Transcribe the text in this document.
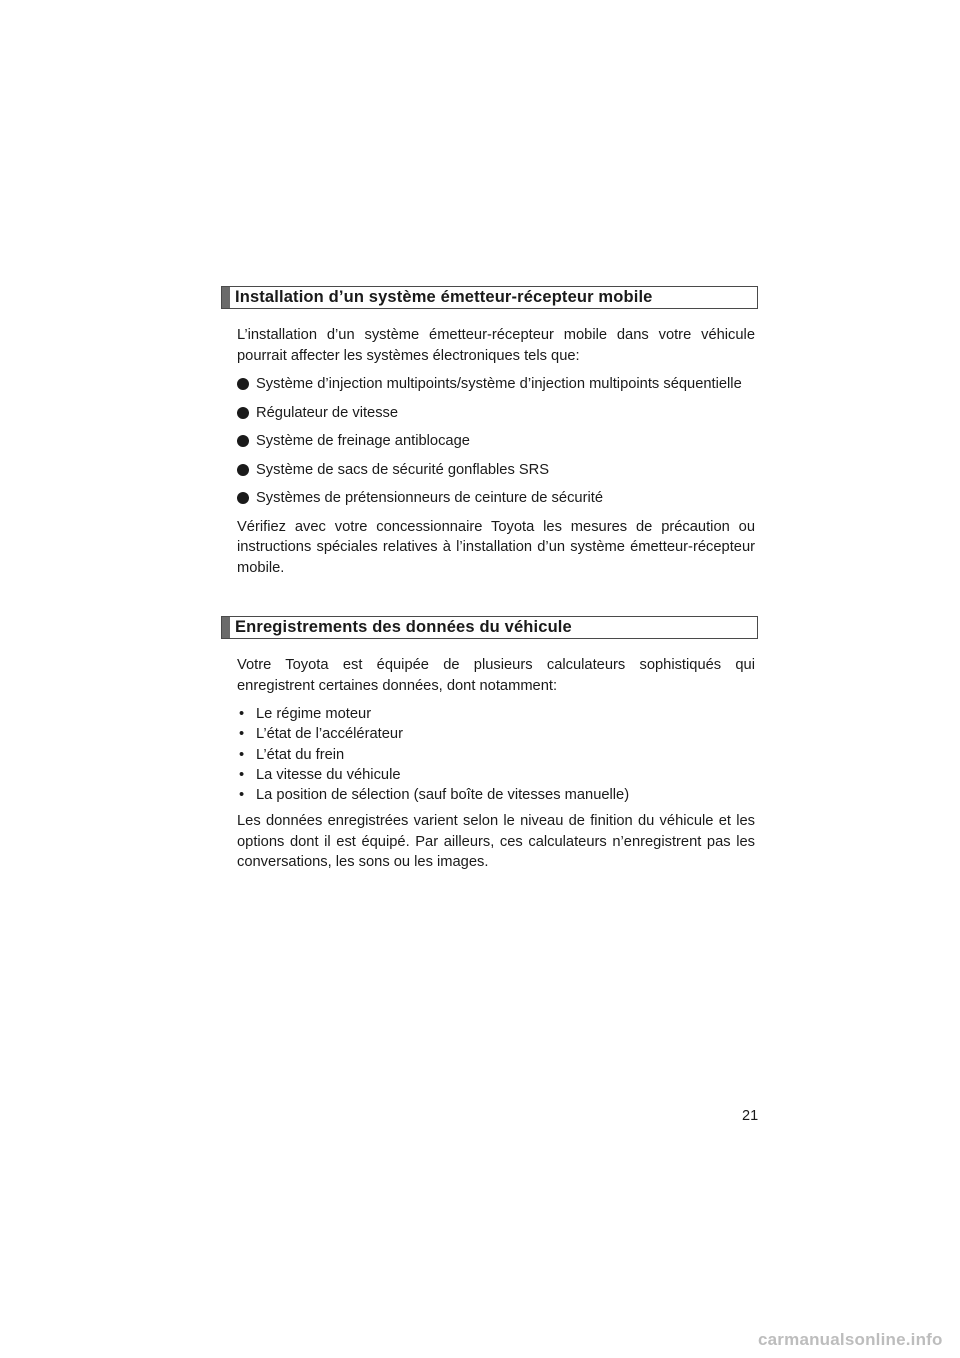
Installation d’un système émetteur-récepteur mobile

L’installation d’un système émetteur-récepteur mobile dans votre véhicule pourrait affecter les systèmes électroniques tels que:

Système d’injection multipoints/système d’injection multipoints séquentielle
Régulateur de vitesse
Système de freinage antiblocage
Système de sacs de sécurité gonflables SRS
Systèmes de prétensionneurs de ceinture de sécurité

Vérifiez avec votre concessionnaire Toyota les mesures de précaution ou instructions spéciales relatives à l’installation d’un système émetteur-récepteur mobile.

Enregistrements des données du véhicule

Votre Toyota est équipée de plusieurs calculateurs sophistiqués qui enregistrent certaines données, dont notamment:

• Le régime moteur
• L’état de l’accélérateur
• L’état du frein
• La vitesse du véhicule
• La position de sélection (sauf boîte de vitesses manuelle)

Les données enregistrées varient selon le niveau de finition du véhicule et les options dont il est équipé. Par ailleurs, ces calculateurs n’enregistrent pas les conversations, les sons ou les images.

21
carmanualsonline.info
